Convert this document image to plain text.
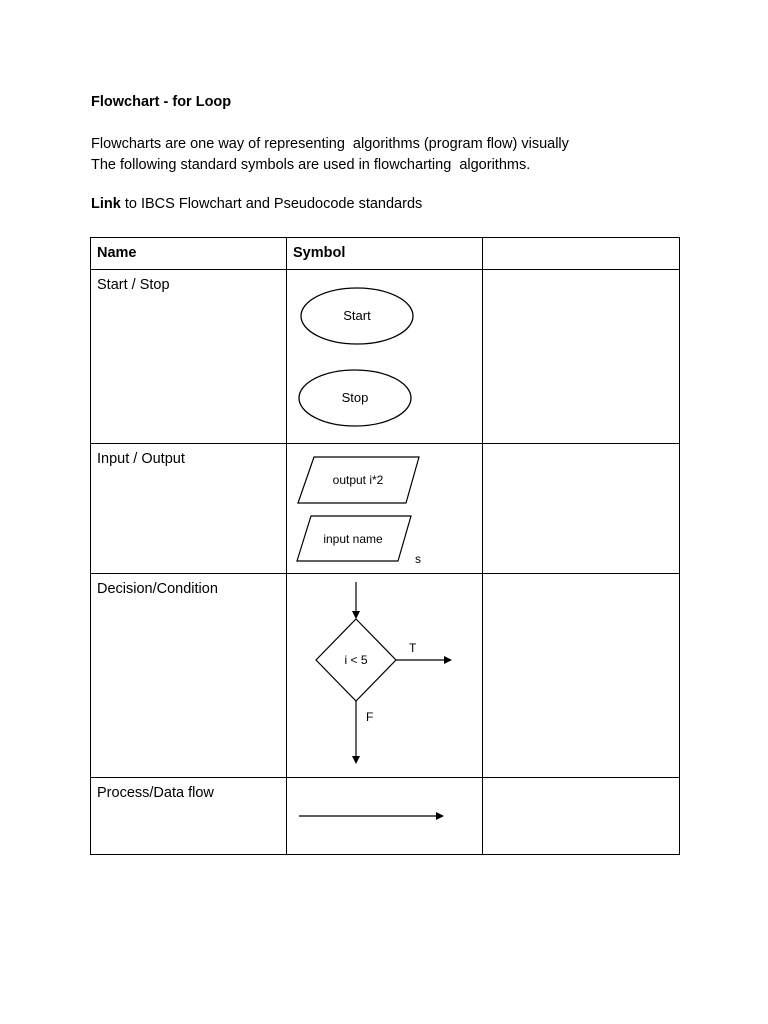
Flowchart - for Loop

Flowcharts are one way of representing  algorithms (program flow) visually

The following standard symbols are used in flowcharting  algorithms.

Link to IBCS Flowchart and Pseudocode standards
Name	Symbol	

Start / Stop	Start
Stop	

Input / Output	output i*2
input name
s	

Decision/Condition	i < 5
T
F	

Process/Data flow
